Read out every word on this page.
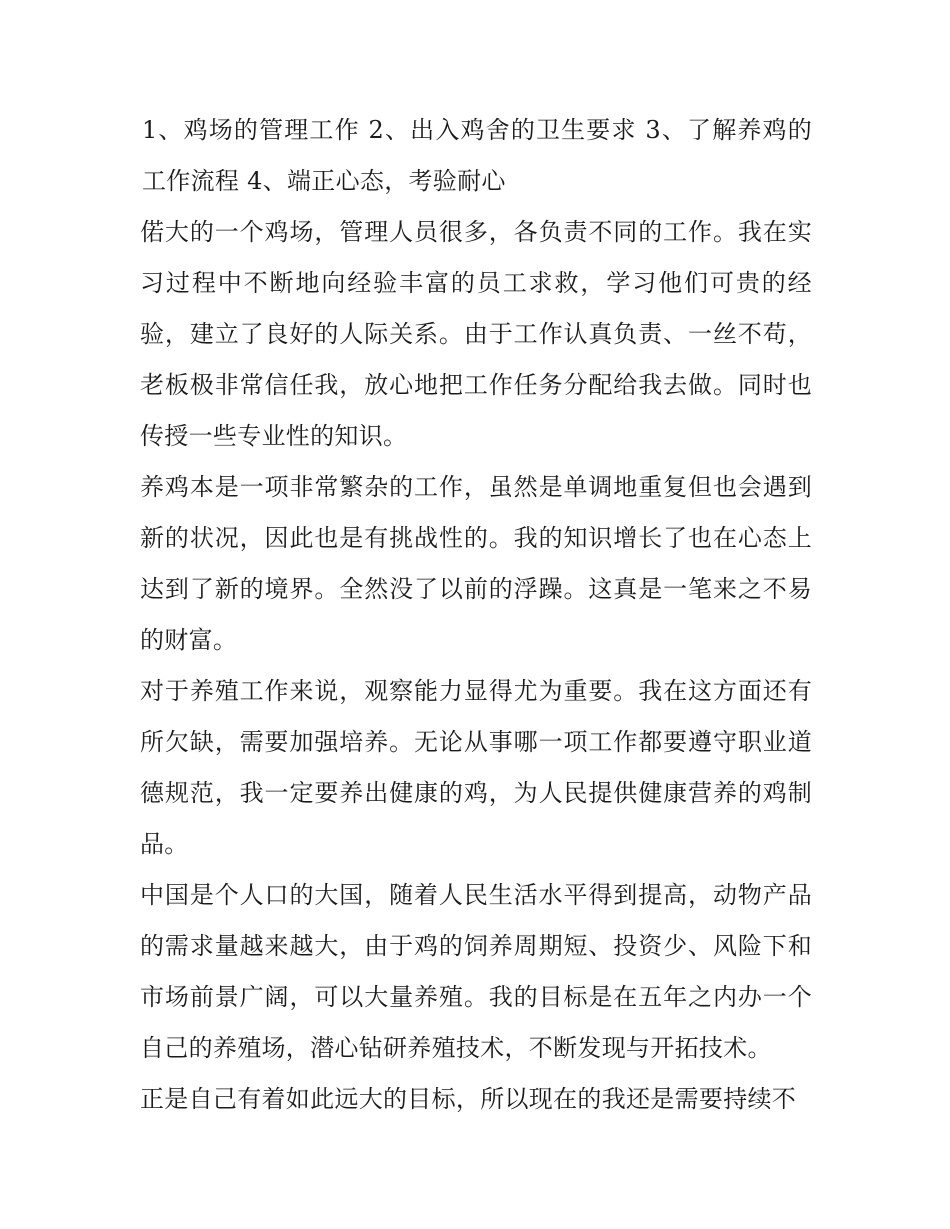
1、鸡场的管理工作 2、出入鸡舍的卫生要求 3、了解养鸡的工作流程 4、端正心态，考验耐心

偌大的一个鸡场，管理人员很多，各负责不同的工作。我在实习过程中不断地向经验丰富的员工求救，学习他们可贵的经验，建立了良好的人际关系。由于工作认真负责、一丝不苟，老板极非常信任我，放心地把工作任务分配给我去做。同时也传授一些专业性的知识。

养鸡本是一项非常繁杂的工作，虽然是单调地重复但也会遇到新的状况，因此也是有挑战性的。我的知识增长了也在心态上达到了新的境界。全然没了以前的浮躁。这真是一笔来之不易的财富。

对于养殖工作来说，观察能力显得尤为重要。我在这方面还有所欠缺，需要加强培养。无论从事哪一项工作都要遵守职业道德规范，我一定要养出健康的鸡，为人民提供健康营养的鸡制品。

中国是个人口的大国，随着人民生活水平得到提高，动物产品的需求量越来越大，由于鸡的饲养周期短、投资少、风险下和市场前景广阔，可以大量养殖。我的目标是在五年之内办一个自己的养殖场，潜心钻研养殖技术，不断发现与开拓技术。

正是自己有着如此远大的目标，所以现在的我还是需要持续不
